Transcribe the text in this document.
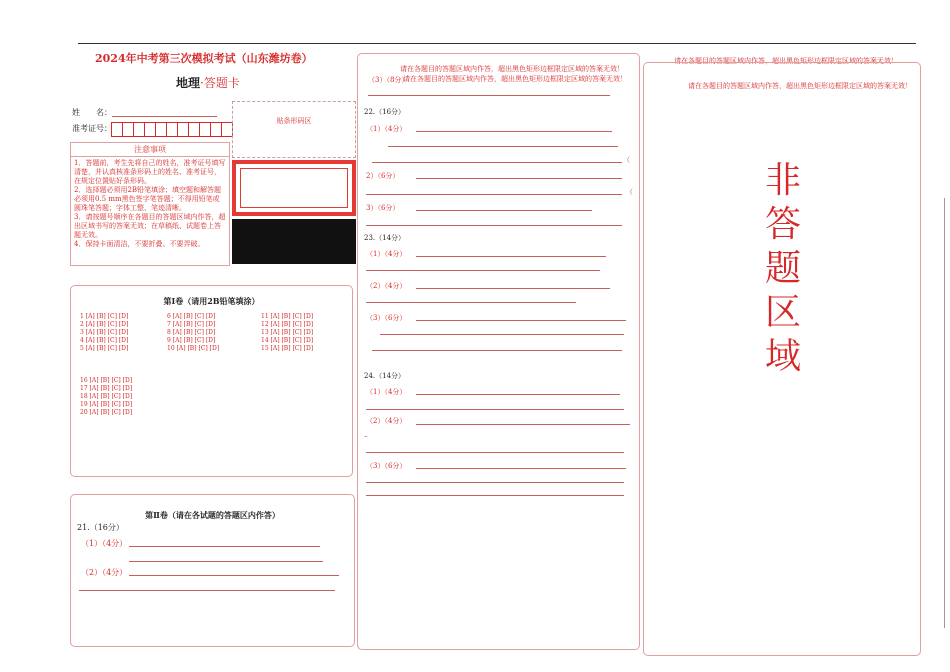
2024年中考第三次模拟考试（山东潍坊卷）
地理·答题卡
姓　　名：
准考证号：
贴条形码区
注意事项
1．答题前，考生先将自己的姓名，准考证号填写清楚，并认真核准条形码上的姓名、准考证号，在规定位置贴好条形码。
2．选择题必须用2B铅笔填涂；填空题和解答题必须用0.5 mm黑色签字笔答题；不得用铅笔或圆珠笔答题；字体工整、笔迹清晰。
3．请按题号顺序在各题目的答题区域内作答，超出区域书写的答案无效；在草稿纸、试题卷上答题无效。
4．保持卡面清洁，不要折叠、不要弄破。
第Ⅰ卷（请用2B铅笔填涂）
1 [A] [B] [C] [D]	6 [A] [B] [C] [D]	11 [A] [B] [C] [D]
2 [A] [B] [C] [D]	7 [A] [B] [C] [D]	12 [A] [B] [C] [D]
3 [A] [B] [C] [D]	8 [A] [B] [C] [D]	13 [A] [B] [C] [D]
4 [A] [B] [C] [D]	9 [A] [B] [C] [D]	14 [A] [B] [C] [D]
5 [A] [B] [C] [D]	10 [A] [B] [C] [D]	15 [A] [B] [C] [D]
16 [A] [B] [C] [D]
17 [A] [B] [C] [D]
18 [A] [B] [C] [D]
19 [A] [B] [C] [D]
20 [A] [B] [C] [D]
第Ⅱ卷（请在各试题的答题区内作答）
21.（16分）
（1）（4分）
（2）（4分）
请在各题目的答题区域内作答，超出黑色矩形边框限定区域的答案无效！
（3）（8分）
请在各题目的答题区域内作答，超出黑色矩形边框限定区域的答案无效！
22.（16分）
（1）（4分）
（
2）（6分）
（
3）（6分）
23.（14分）
（1）（4分）
（2）（4分）
（3）（6分）
24.（14分）
（1）（4分）
（2）（4分）
–
（3）（6分）
请在各题目的答题区域内作答，超出黑色矩形边框限定区域的答案无效！
请在各题目的答题区域内作答，超出黑色矩形边框限定区域的答案无效！
非
答
题
区
域
